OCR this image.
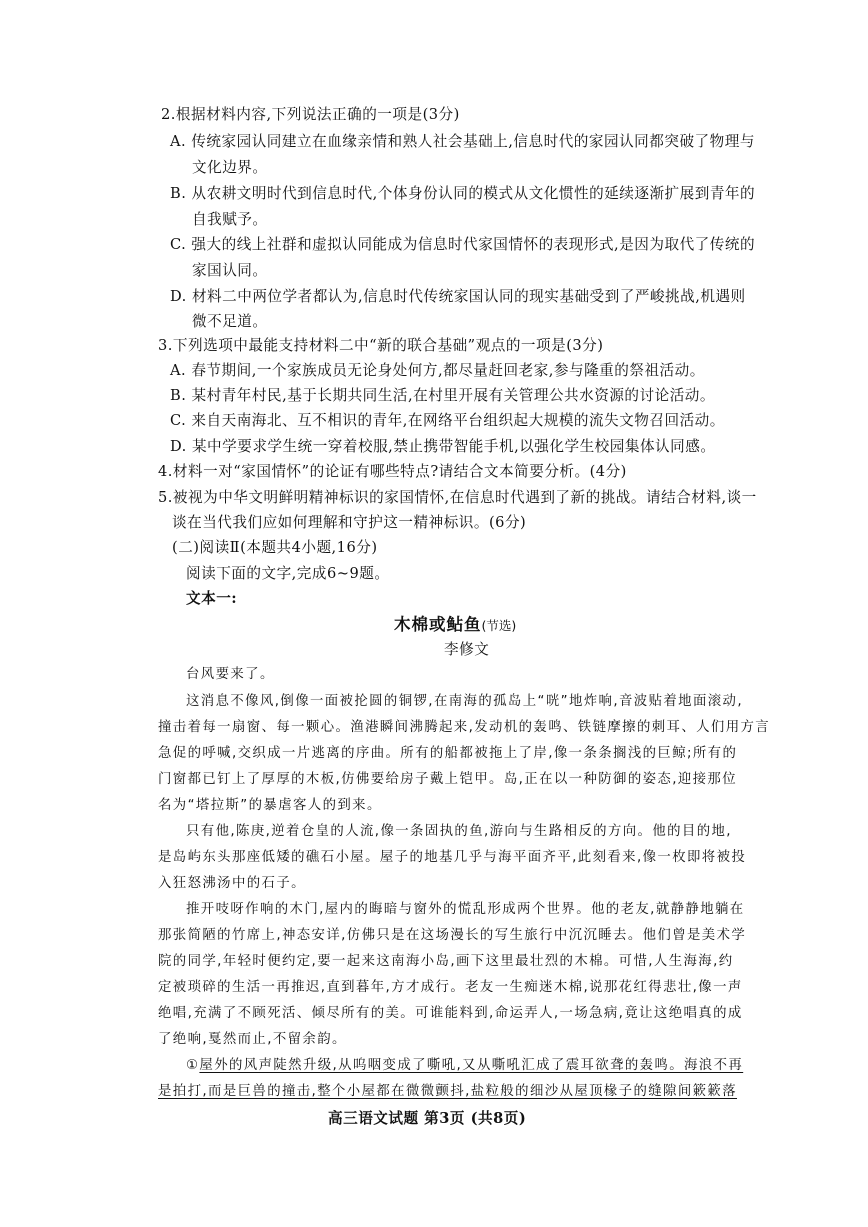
2.根据材料内容,下列说法正确的一项是(3分)
A. 传统家园认同建立在血缘亲情和熟人社会基础上,信息时代的家园认同都突破了物理与
文化边界。
B. 从农耕文明时代到信息时代,个体身份认同的模式从文化惯性的延续逐渐扩展到青年的
自我赋予。
C. 强大的线上社群和虚拟认同能成为信息时代家国情怀的表现形式,是因为取代了传统的
家国认同。
D. 材料二中两位学者都认为,信息时代传统家国认同的现实基础受到了严峻挑战,机遇则
微不足道。
3.下列选项中最能支持材料二中“新的联合基础”观点的一项是(3分)
A. 春节期间,一个家族成员无论身处何方,都尽量赶回老家,参与隆重的祭祖活动。
B. 某村青年村民,基于长期共同生活,在村里开展有关管理公共水资源的讨论活动。
C. 来自天南海北、互不相识的青年,在网络平台组织起大规模的流失文物召回活动。
D. 某中学要求学生统一穿着校服,禁止携带智能手机,以强化学生校园集体认同感。
4.材料一对“家国情怀”的论证有哪些特点?请结合文本简要分析。(4分)
5.被视为中华文明鲜明精神标识的家国情怀,在信息时代遇到了新的挑战。请结合材料,谈一
谈在当代我们应如何理解和守护这一精神标识。(6分)
(二)阅读Ⅱ(本题共4小题,16分)
阅读下面的文字,完成6~9题。
文本一:
木棉或鲇鱼(节选)
李修文
台风要来了。
这消息不像风,倒像一面被抡圆的铜锣,在南海的孤岛上“咣”地炸响,音波贴着地面滚动,
撞击着每一扇窗、每一颗心。渔港瞬间沸腾起来,发动机的轰鸣、铁链摩擦的刺耳、人们用方言
急促的呼喊,交织成一片逃离的序曲。所有的船都被拖上了岸,像一条条搁浅的巨鲸;所有的
门窗都已钉上了厚厚的木板,仿佛要给房子戴上铠甲。岛,正在以一种防御的姿态,迎接那位
名为“塔拉斯”的暴虐客人的到来。
只有他,陈庚,逆着仓皇的人流,像一条固执的鱼,游向与生路相反的方向。他的目的地,
是岛屿东头那座低矮的礁石小屋。屋子的地基几乎与海平面齐平,此刻看来,像一枚即将被投
入狂怒沸汤中的石子。
推开吱呀作响的木门,屋内的晦暗与窗外的慌乱形成两个世界。他的老友,就静静地躺在
那张简陋的竹席上,神态安详,仿佛只是在这场漫长的写生旅行中沉沉睡去。他们曾是美术学
院的同学,年轻时便约定,要一起来这南海小岛,画下这里最壮烈的木棉。可惜,人生海海,约
定被琐碎的生活一再推迟,直到暮年,方才成行。老友一生痴迷木棉,说那花红得悲壮,像一声
绝唱,充满了不顾死活、倾尽所有的美。可谁能料到,命运弄人,一场急病,竟让这绝唱真的成
了绝响,戛然而止,不留余韵。
①屋外的风声陡然升级,从呜咽变成了嘶吼,又从嘶吼汇成了震耳欲聋的轰鸣。海浪不再
是拍打,而是巨兽的撞击,整个小屋都在微微颤抖,盐粒般的细沙从屋顶椽子的缝隙间簌簌落
高三语文试题 第3页 (共8页)
